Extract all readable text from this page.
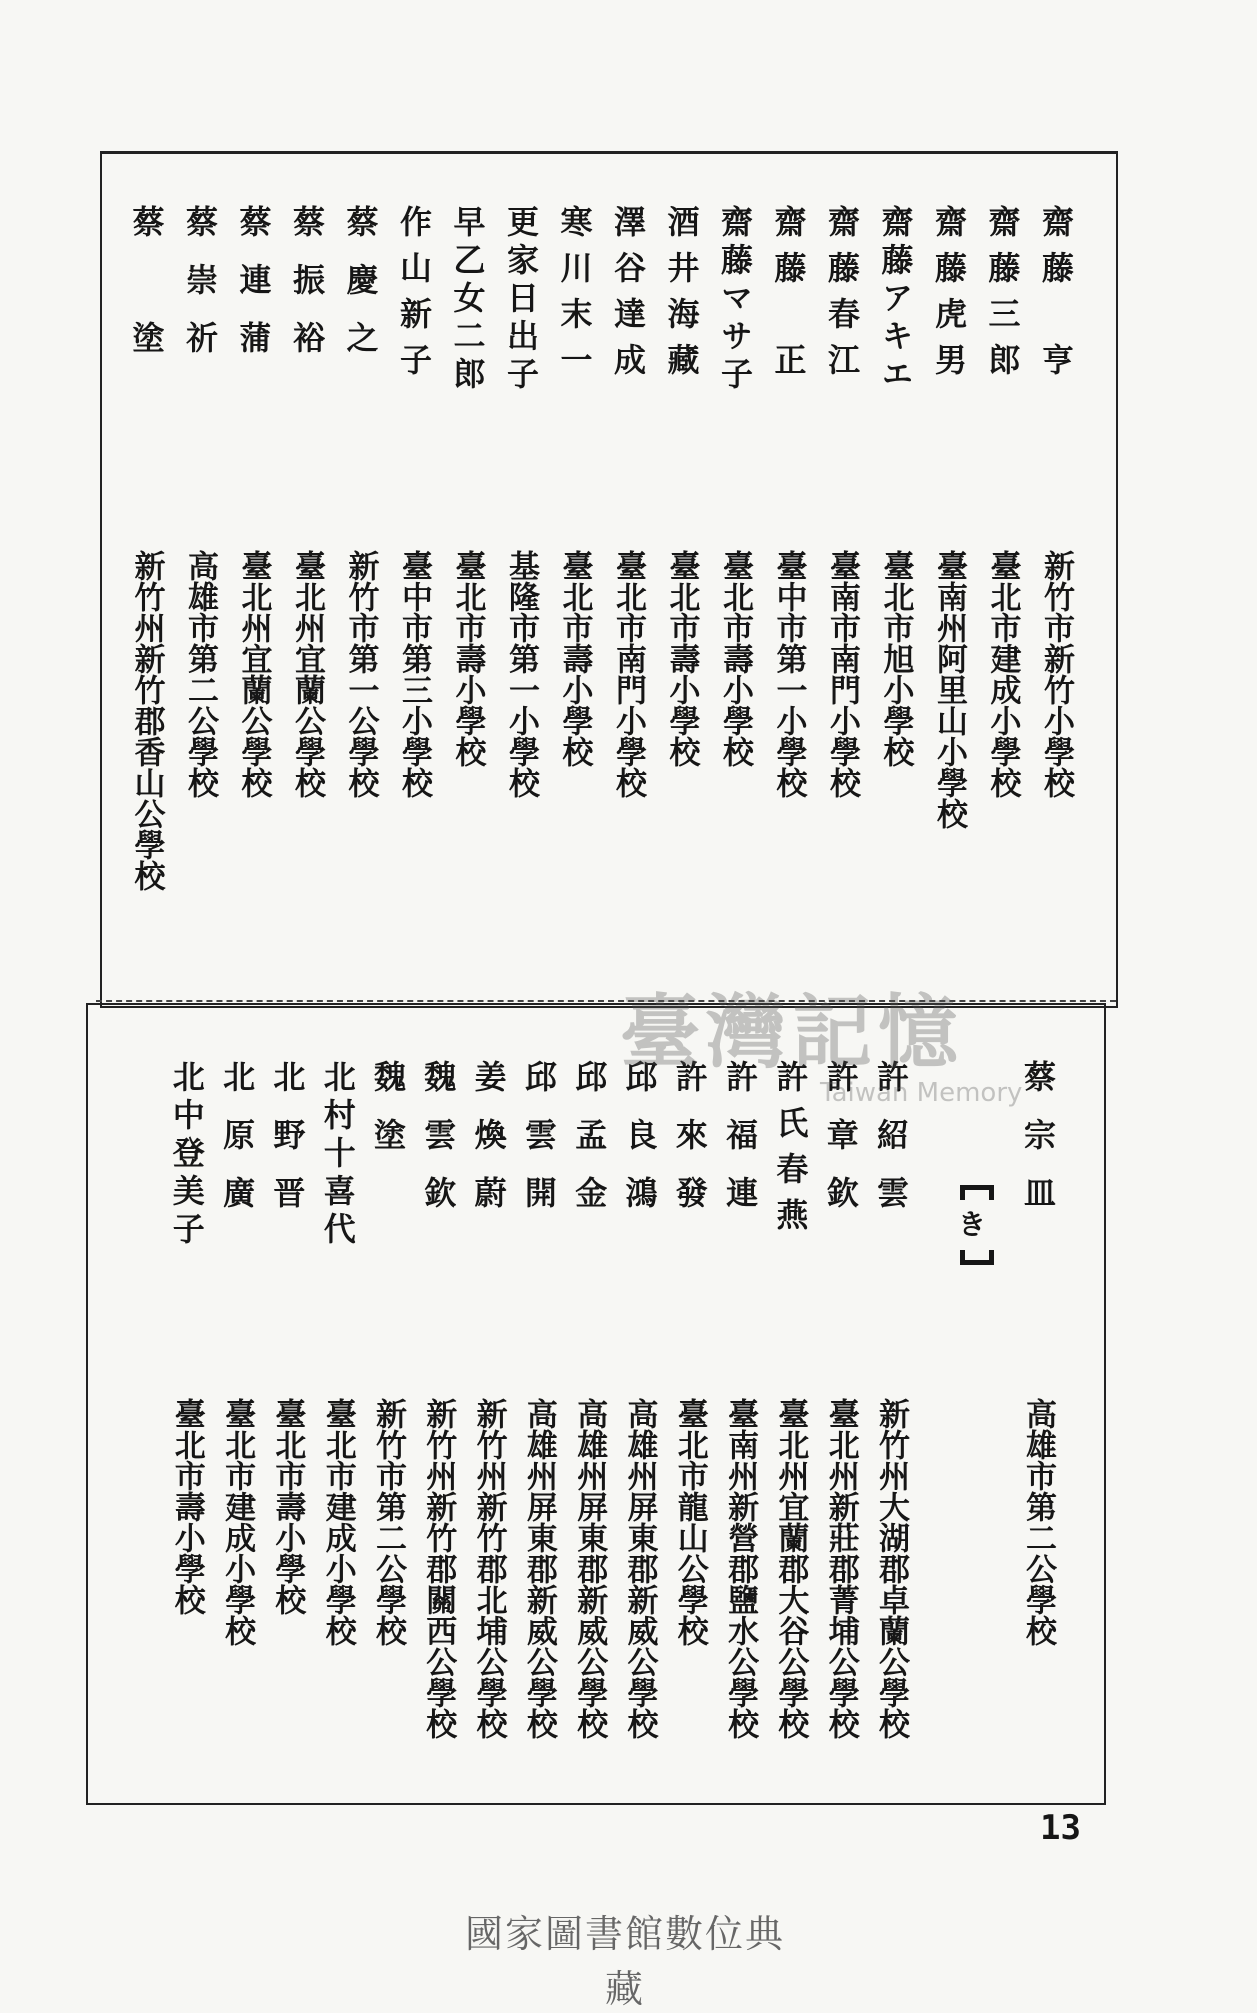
齋藤　亨
新竹市新竹小學校
齋藤三郎
臺北市建成小學校
齋藤虎男
臺南州阿里山小學校
齋藤アキエ
臺北市旭小學校
齋藤春江
臺南市南門小學校
齋藤　正
臺中市第一小學校
齋藤マサ子
臺北市壽小學校
酒井海藏
臺北市壽小學校
澤谷達成
臺北市南門小學校
寒川末一
臺北市壽小學校
更家日出子
基隆市第一小學校
早乙女二郎
臺北市壽小學校
作山新子
臺中市第三小學校
蔡慶之
新竹市第一公學校
蔡振裕
臺北州宜蘭公學校
蔡連蒲
臺北州宜蘭公學校
蔡崇祈
高雄市第二公學校
蔡　塗
新竹州新竹郡香山公學校
蔡宗皿
高雄市第二公學校
き
許紹雲
新竹州大湖郡卓蘭公學校
許章欽
臺北州新莊郡菁埔公學校
許氏春燕
臺北州宜蘭郡大谷公學校
許福連
臺南州新營郡鹽水公學校
許來發
臺北市龍山公學校
邱良鴻
高雄州屏東郡新威公學校
邱孟金
高雄州屏東郡新威公學校
邱雲開
高雄州屏東郡新威公學校
姜煥蔚
新竹州新竹郡北埔公學校
魏雲欽
新竹州新竹郡關西公學校
魏塗
新竹市第二公學校
北村十喜代
臺北市建成小學校
北野晋
臺北市壽小學校
北原廣
臺北市建成小學校
北中登美子
臺北市壽小學校
臺灣記憶
Taiwan Memory
13
國家圖書館數位典藏
